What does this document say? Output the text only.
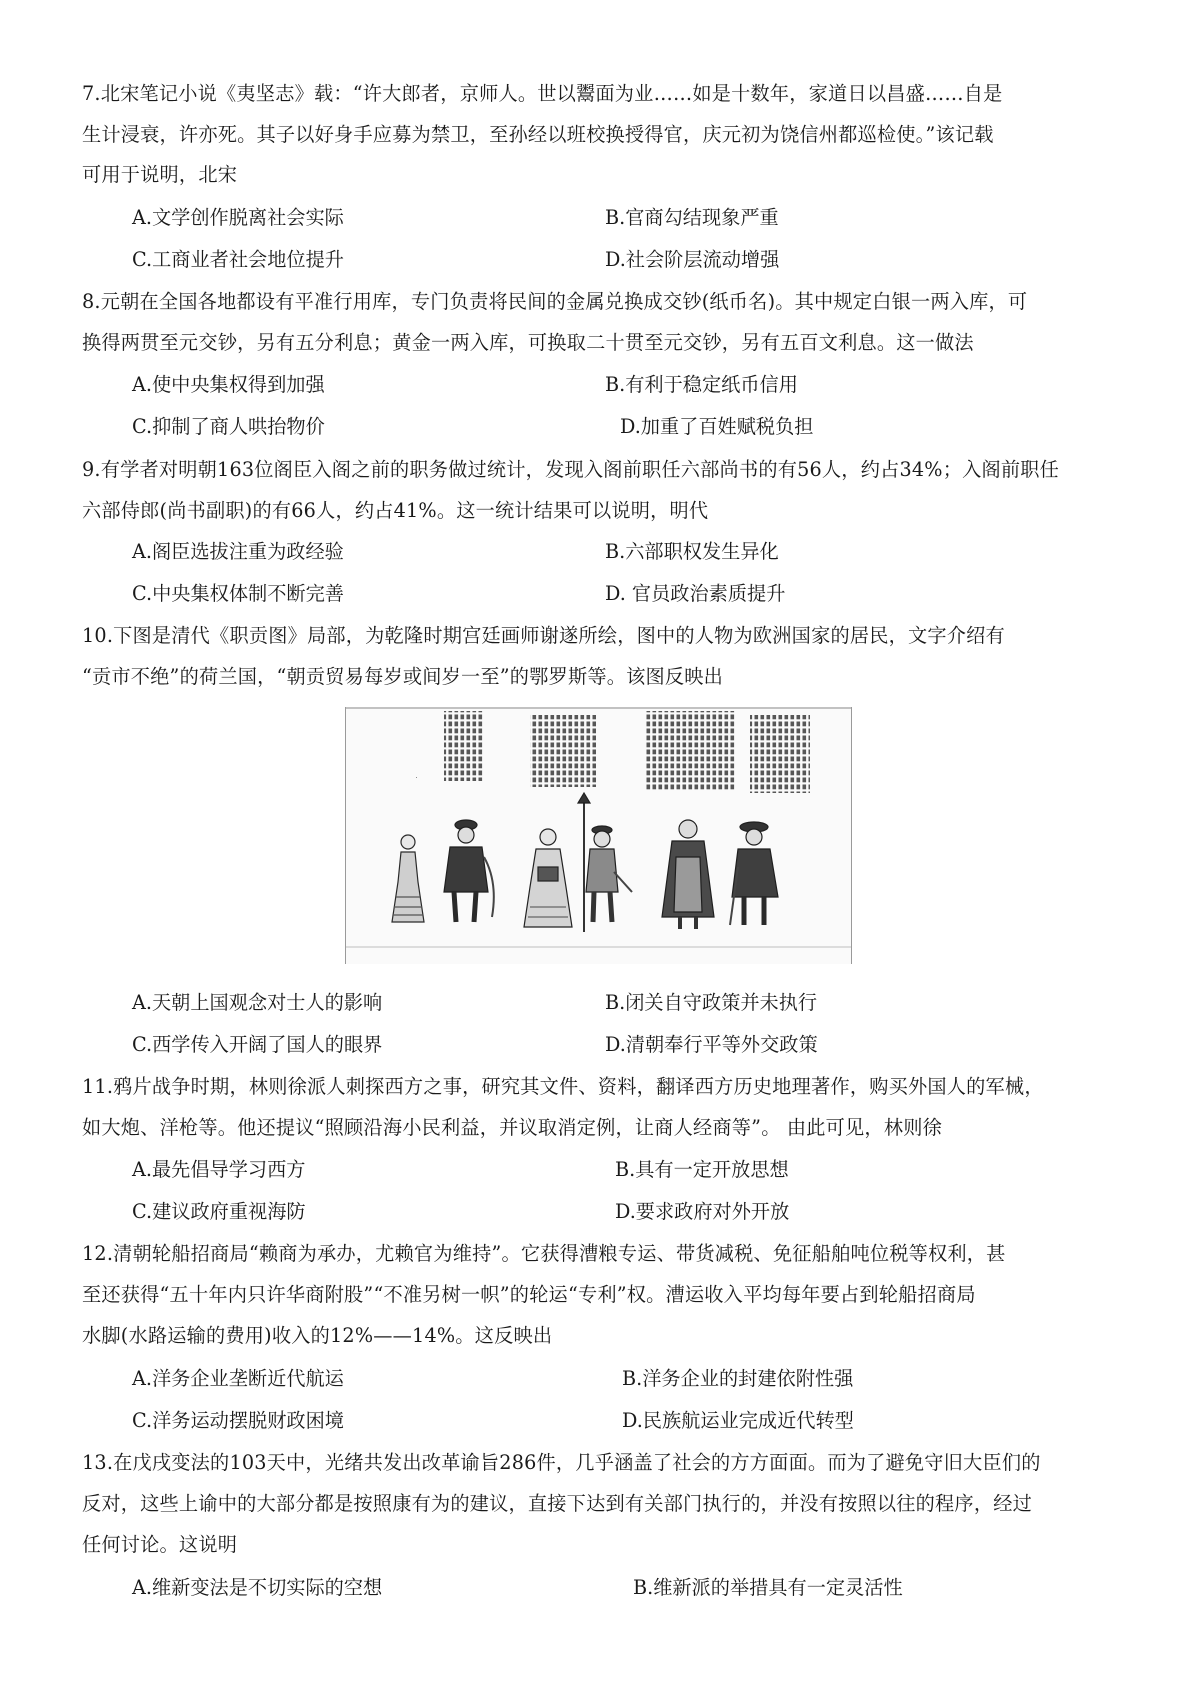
7.北宋笔记小说《夷坚志》载：“许大郎者，京师人。世以鬻面为业……如是十数年，家道日以昌盛……自是
生计浸衰，许亦死。其子以好身手应募为禁卫，至孙经以班校换授得官，庆元初为饶信州都巡检使。”该记载
可用于说明，北宋
A.文学创作脱离社会实际	B.官商勾结现象严重
C.工商业者社会地位提升	D.社会阶层流动增强
8.元朝在全国各地都设有平准行用库，专门负责将民间的金属兑换成交钞(纸币名)。其中规定白银一两入库，可
换得两贯至元交钞，另有五分利息；黄金一两入库，可换取二十贯至元交钞，另有五百文利息。这一做法
A.使中央集权得到加强	B.有利于稳定纸币信用
C.抑制了商人哄抬物价	D.加重了百姓赋税负担
9.有学者对明朝163位阁臣入阁之前的职务做过统计，发现入阁前职任六部尚书的有56人，约占34%；入阁前职任
六部侍郎(尚书副职)的有66人，约占41%。这一统计结果可以说明，明代
A.阁臣选拔注重为政经验	B.六部职权发生异化
C.中央集权体制不断完善	D. 官员政治素质提升
10.下图是清代《职贡图》局部，为乾隆时期宫廷画师谢遂所绘，图中的人物为欧洲国家的居民，文字介绍有
“贡市不绝”的荷兰国，“朝贡贸易每岁或间岁一至”的鄂罗斯等。该图反映出
A.天朝上国观念对士人的影响	B.闭关自守政策并未执行
C.西学传入开阔了国人的眼界	D.清朝奉行平等外交政策
11.鸦片战争时期，林则徐派人刺探西方之事，研究其文件、资料，翻译西方历史地理著作，购买外国人的军械，
如大炮、洋枪等。他还提议“照顾沿海小民利益，并议取消定例，让商人经商等”。 由此可见，林则徐
A.最先倡导学习西方	B.具有一定开放思想
C.建议政府重视海防	D.要求政府对外开放
12.清朝轮船招商局“赖商为承办，尤赖官为维持”。它获得漕粮专运、带货减税、免征船舶吨位税等权利，甚
至还获得“五十年内只许华商附股”“不准另树一帜”的轮运“专利”权。漕运收入平均每年要占到轮船招商局
水脚(水路运输的费用)收入的12%——14%。这反映出
A.洋务企业垄断近代航运	B.洋务企业的封建依附性强
C.洋务运动摆脱财政困境	D.民族航运业完成近代转型
13.在戊戌变法的103天中，光绪共发出改革谕旨286件，几乎涵盖了社会的方方面面。而为了避免守旧大臣们的
反对，这些上谕中的大部分都是按照康有为的建议，直接下达到有关部门执行的，并没有按照以往的程序，经过
任何讨论。这说明
A.维新变法是不切实际的空想	B.维新派的举措具有一定灵活性
